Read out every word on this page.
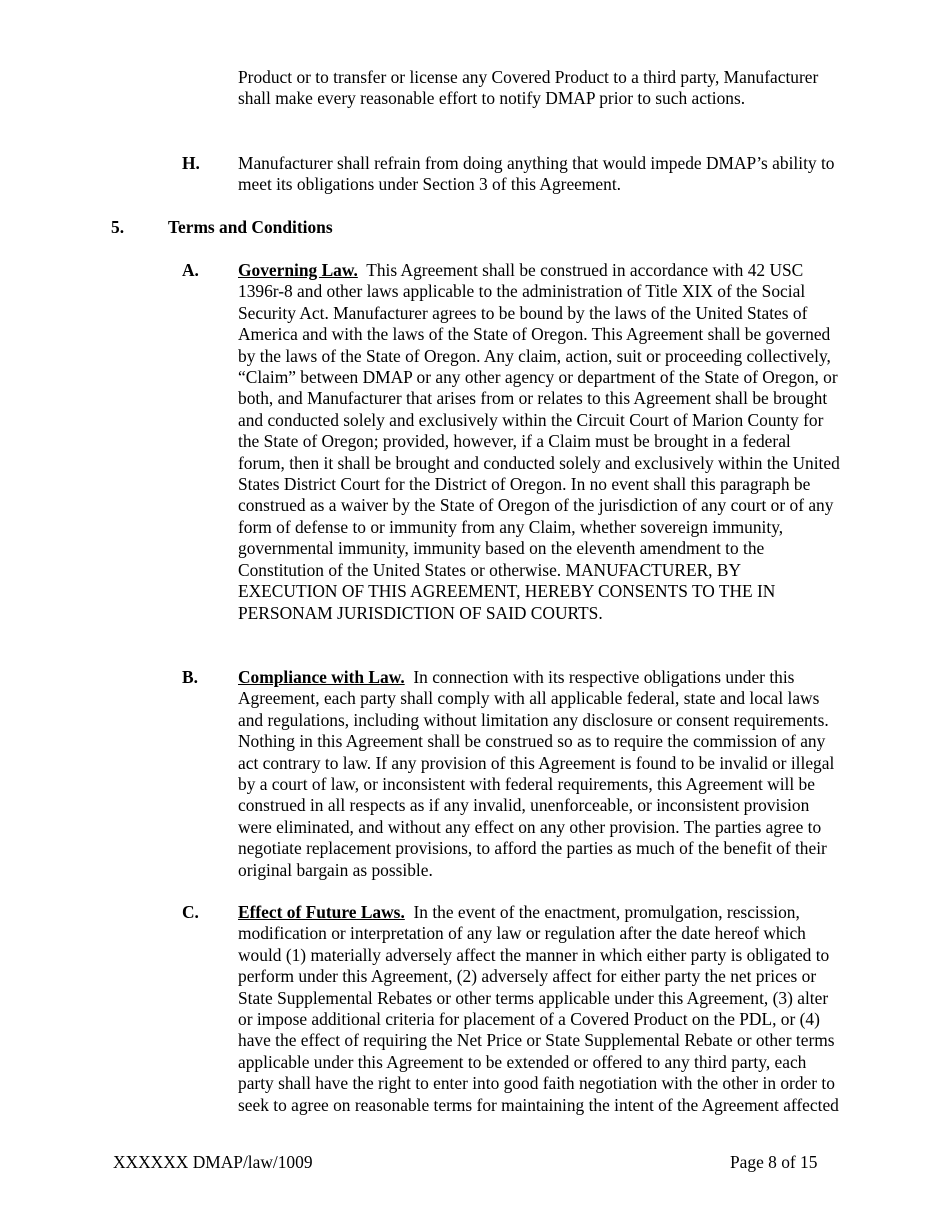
Product or to transfer or license any Covered Product to a third party, Manufacturer shall make every reasonable effort to notify DMAP prior to such actions.

H. Manufacturer shall refrain from doing anything that would impede DMAP’s ability to meet its obligations under Section 3 of this Agreement.

5.	Terms and Conditions
A. Governing Law. This Agreement shall be construed in accordance with 42 USC 1396r-8 and other laws applicable to the administration of Title XIX of the Social Security Act. Manufacturer agrees to be bound by the laws of the United States of America and with the laws of the State of Oregon. This Agreement shall be governed by the laws of the State of Oregon. Any claim, action, suit or proceeding collectively, “Claim” between DMAP or any other agency or department of the State of Oregon, or both, and Manufacturer that arises from or relates to this Agreement shall be brought and conducted solely and exclusively within the Circuit Court of Marion County for the State of Oregon; provided, however, if a Claim must be brought in a federal forum, then it shall be brought and conducted solely and exclusively within the United States District Court for the District of Oregon. In no event shall this paragraph be construed as a waiver by the State of Oregon of the jurisdiction of any court or of any form of defense to or immunity from any Claim, whether sovereign immunity, governmental immunity, immunity based on the eleventh amendment to the Constitution of the United States or otherwise. MANUFACTURER, BY EXECUTION OF THIS AGREEMENT, HEREBY CONSENTS TO THE IN PERSONAM JURISDICTION OF SAID COURTS.

B. Compliance with Law. In connection with its respective obligations under this Agreement, each party shall comply with all applicable federal, state and local laws and regulations, including without limitation any disclosure or consent requirements. Nothing in this Agreement shall be construed so as to require the commission of any act contrary to law. If any provision of this Agreement is found to be invalid or illegal by a court of law, or inconsistent with federal requirements, this Agreement will be construed in all respects as if any invalid, unenforceable, or inconsistent provision were eliminated, and without any effect on any other provision. The parties agree to negotiate replacement provisions, to afford the parties as much of the benefit of their original bargain as possible.

C. Effect of Future Laws. In the event of the enactment, promulgation, rescission, modification or interpretation of any law or regulation after the date hereof which would (1) materially adversely affect the manner in which either party is obligated to perform under this Agreement, (2) adversely affect for either party the net prices or State Supplemental Rebates or other terms applicable under this Agreement, (3) alter or impose additional criteria for placement of a Covered Product on the PDL, or (4) have the effect of requiring the Net Price or State Supplemental Rebate or other terms applicable under this Agreement to be extended or offered to any third party, each party shall have the right to enter into good faith negotiation with the other in order to seek to agree on reasonable terms for maintaining the intent of the Agreement affected

XXXXXX DMAP/law/1009	Page 8 of 15
